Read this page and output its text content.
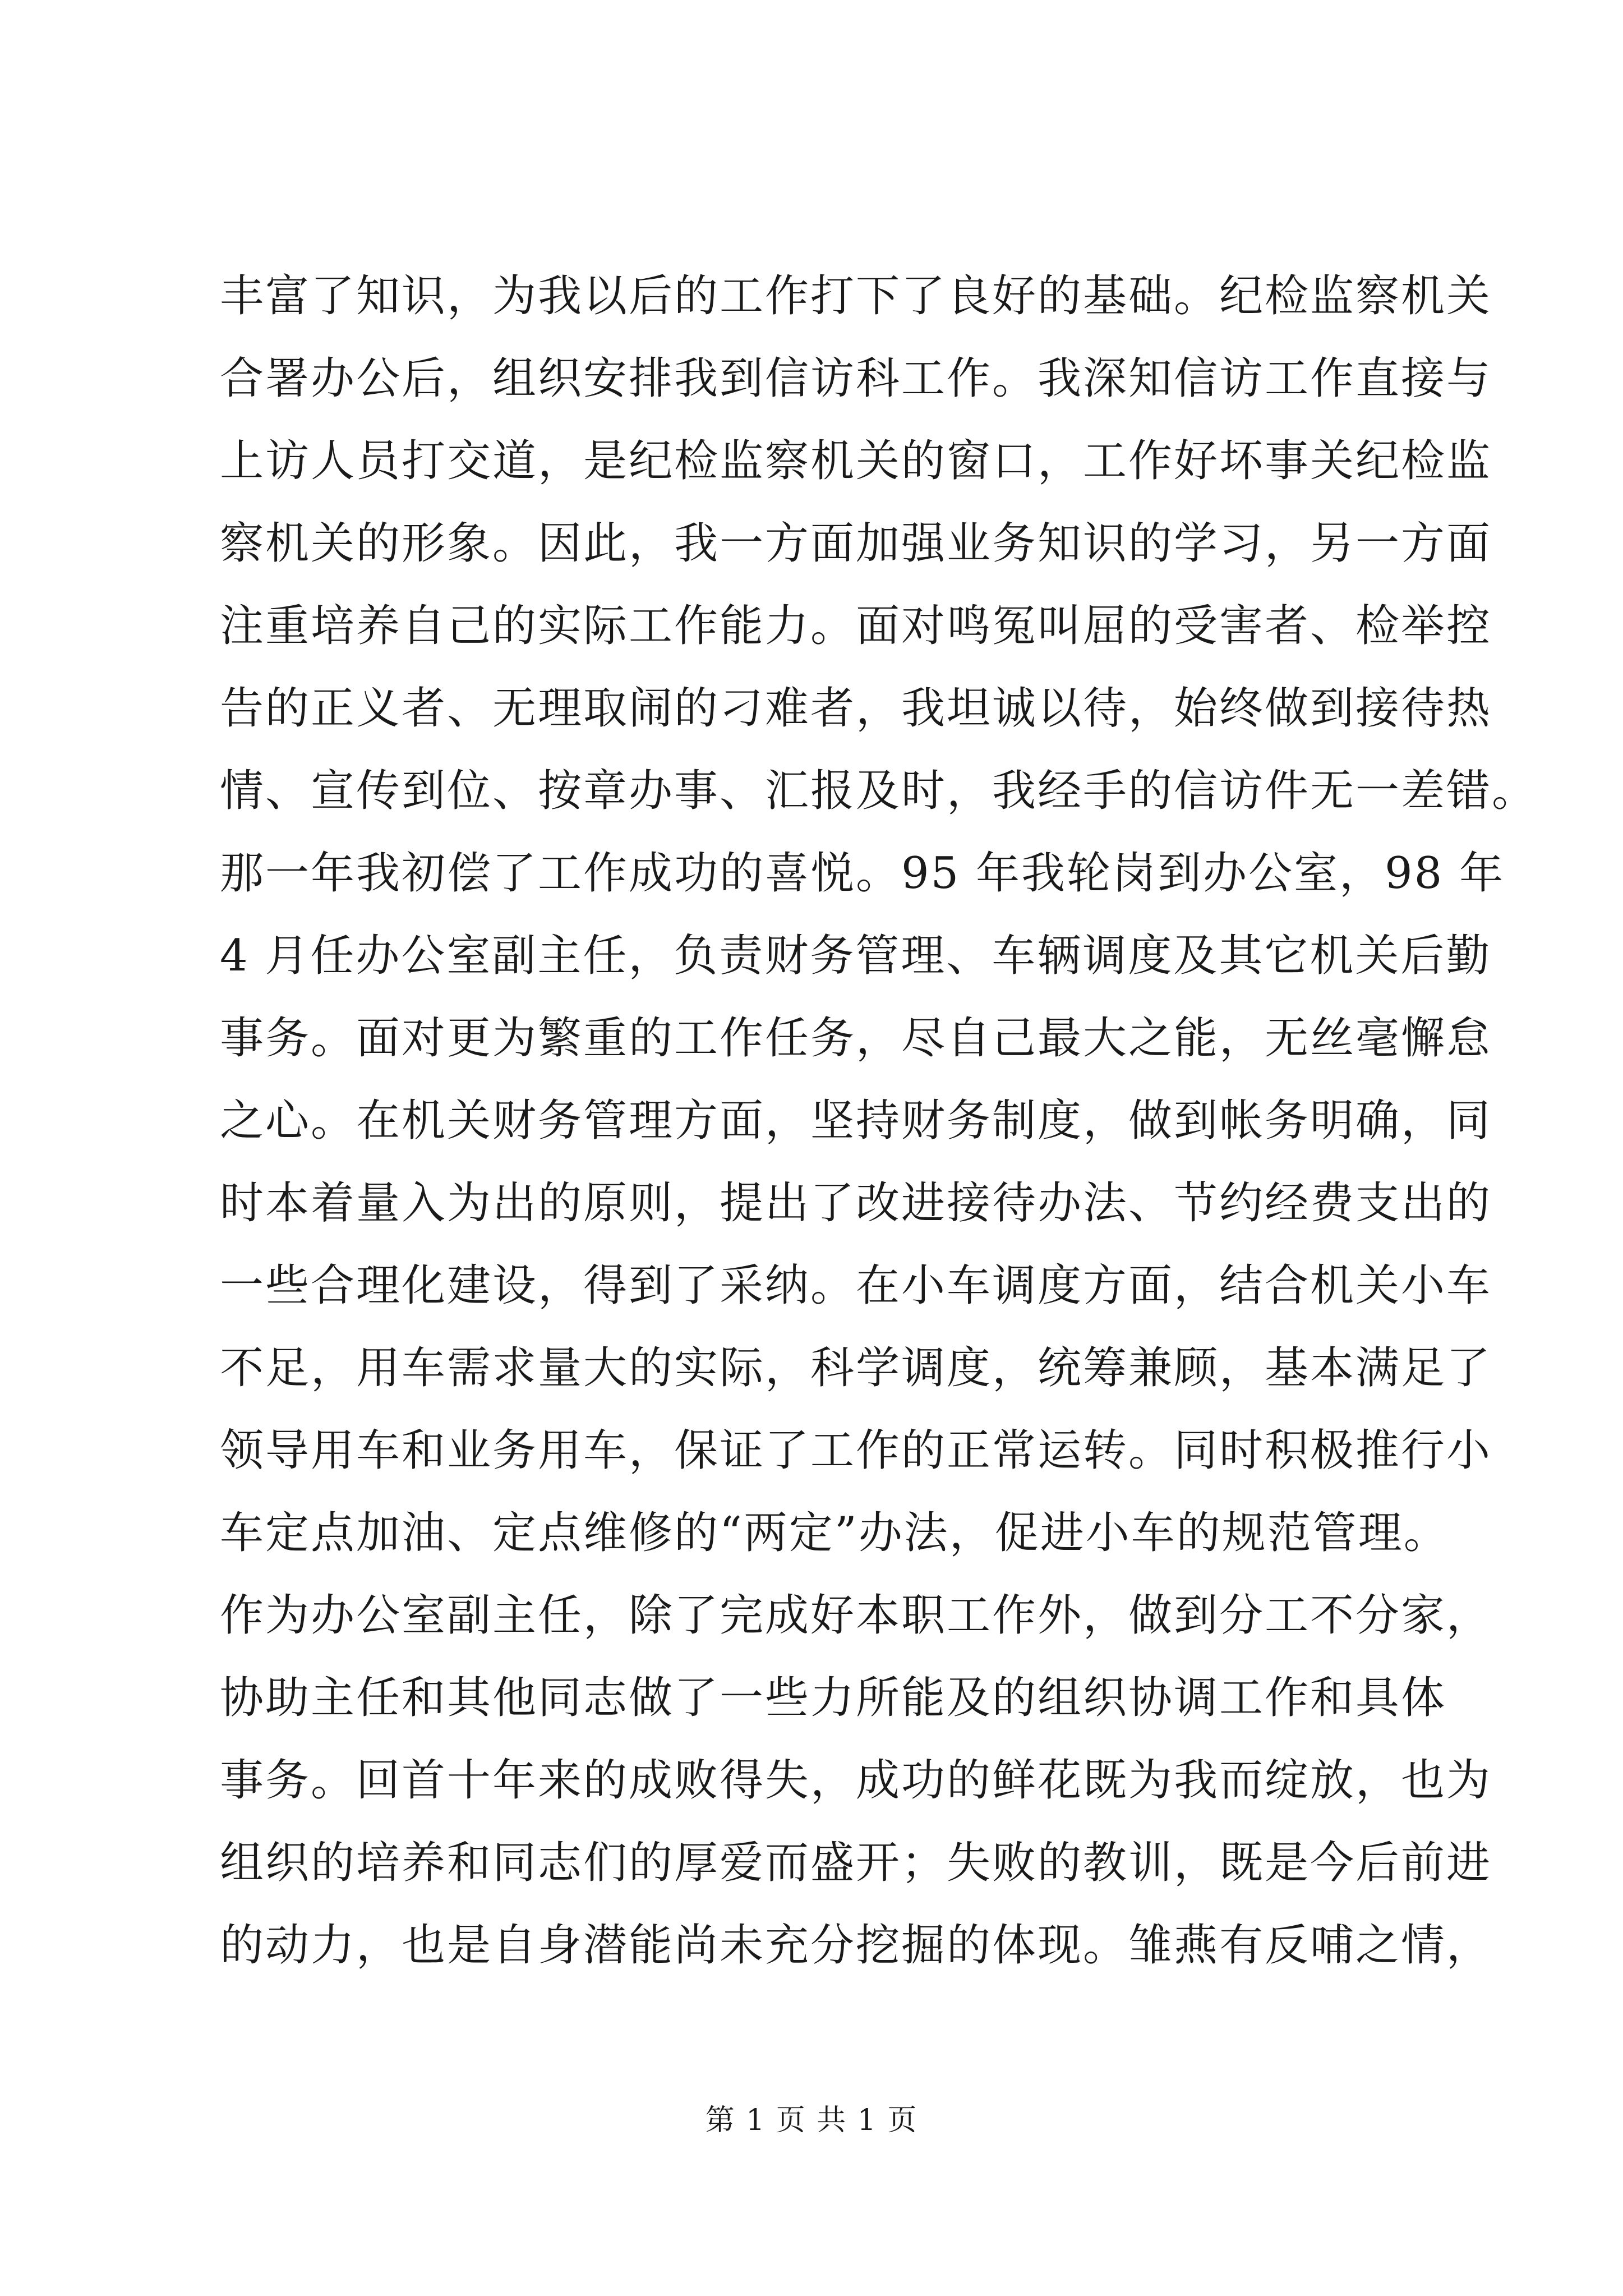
丰富了知识，为我以后的工作打下了良好的基础。纪检监察机关
合署办公后，组织安排我到信访科工作。我深知信访工作直接与
上访人员打交道，是纪检监察机关的窗口，工作好坏事关纪检监
察机关的形象。因此，我一方面加强业务知识的学习，另一方面
注重培养自己的实际工作能力。面对鸣冤叫屈的受害者、检举控
告的正义者、无理取闹的刁难者，我坦诚以待，始终做到接待热
情、宣传到位、按章办事、汇报及时，我经手的信访件无一差错。
那一年我初偿了工作成功的喜悦。95 年我轮岗到办公室，98 年
4 月任办公室副主任，负责财务管理、车辆调度及其它机关后勤
事务。面对更为繁重的工作任务，尽自己最大之能，无丝毫懈怠
之心。在机关财务管理方面，坚持财务制度，做到帐务明确，同
时本着量入为出的原则，提出了改进接待办法、节约经费支出的
一些合理化建设，得到了采纳。在小车调度方面，结合机关小车
不足，用车需求量大的实际，科学调度，统筹兼顾，基本满足了
领导用车和业务用车，保证了工作的正常运转。同时积极推行小
车定点加油、定点维修的“两定”办法，促进小车的规范管理。
作为办公室副主任，除了完成好本职工作外，做到分工不分家，
协助主任和其他同志做了一些力所能及的组织协调工作和具体
事务。回首十年来的成败得失，成功的鲜花既为我而绽放，也为
组织的培养和同志们的厚爱而盛开；失败的教训，既是今后前进
的动力，也是自身潜能尚未充分挖掘的体现。雏燕有反哺之情，
第 1 页 共 1 页
